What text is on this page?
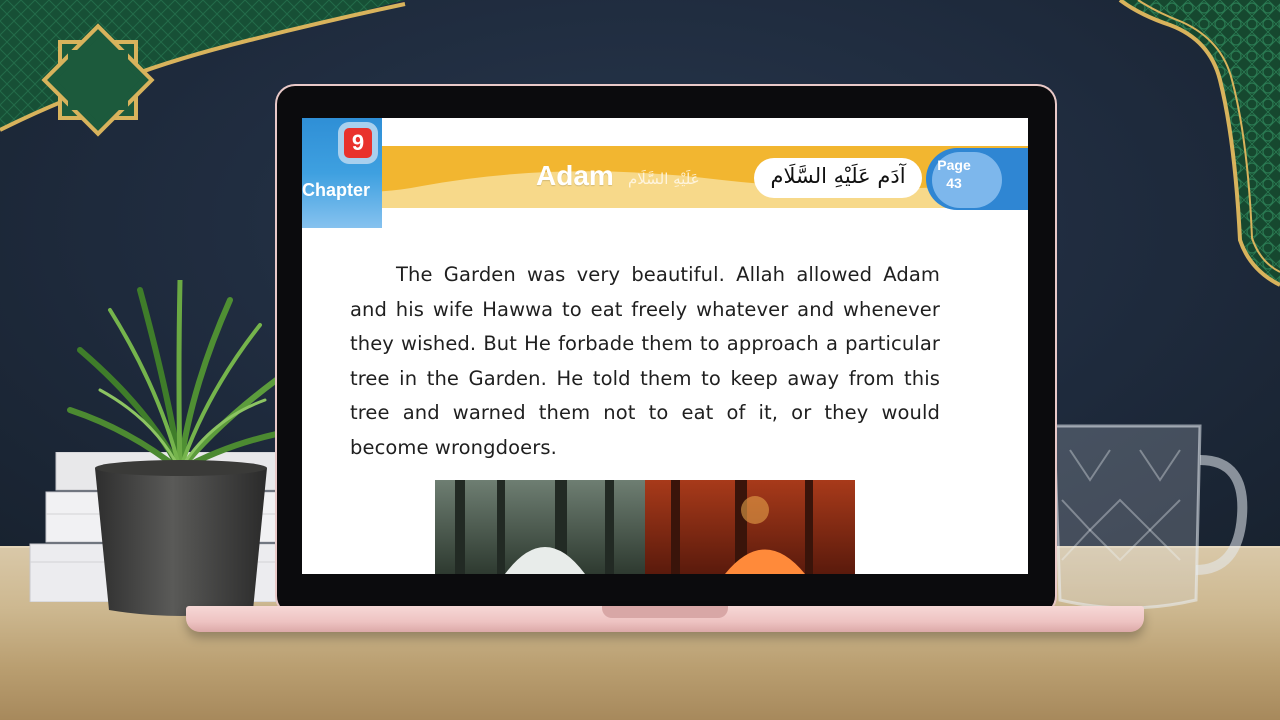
9
Chapter	Adam عَلَيْهِ السَّلَام	آدَم عَلَيْهِ السَّلَام	Page
43

The Garden was very beautiful. Allah allowed Adam and his wife Hawwa to eat freely whatever and whenever they wished. But He forbade them to approach a particular tree in the Garden. He told them to keep away from this tree and warned them not to eat of it, or they would become wrongdoers.
